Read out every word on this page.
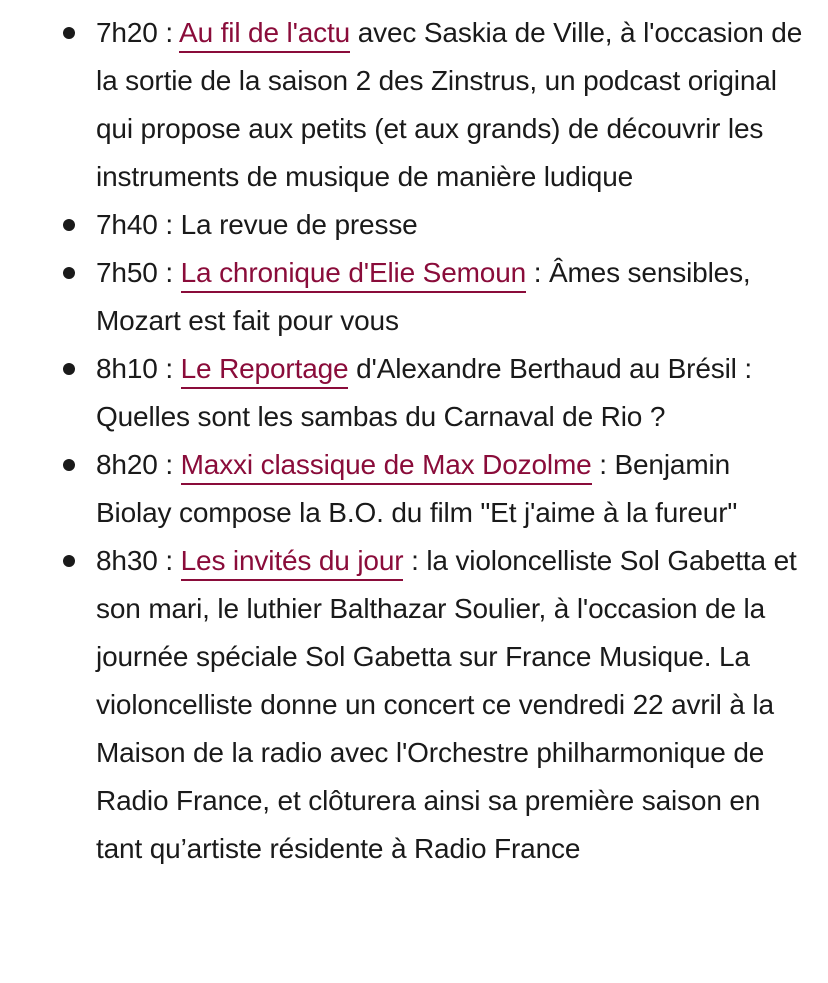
7h20 : Au fil de l'actu avec Saskia de Ville, à l'occasion de la sortie de la saison 2 des Zinstrus, un podcast original qui propose aux petits (et aux grands) de découvrir les instruments de musique de manière ludique
7h40 : La revue de presse
7h50 : La chronique d'Elie Semoun : Âmes sensibles, Mozart est fait pour vous
8h10 : Le Reportage d'Alexandre Berthaud au Brésil : Quelles sont les sambas du Carnaval de Rio ?
8h20 : Maxxi classique de Max Dozolme : Benjamin Biolay compose la B.O. du film "Et j'aime à la fureur"
8h30 : Les invités du jour : la violoncelliste Sol Gabetta et son mari, le luthier Balthazar Soulier, à l'occasion de la journée spéciale Sol Gabetta sur France Musique. La violoncelliste donne un concert ce vendredi 22 avril à la Maison de la radio avec l'Orchestre philharmonique de Radio France, et clôturera ainsi sa première saison en tant qu’artiste résidente à Radio France
